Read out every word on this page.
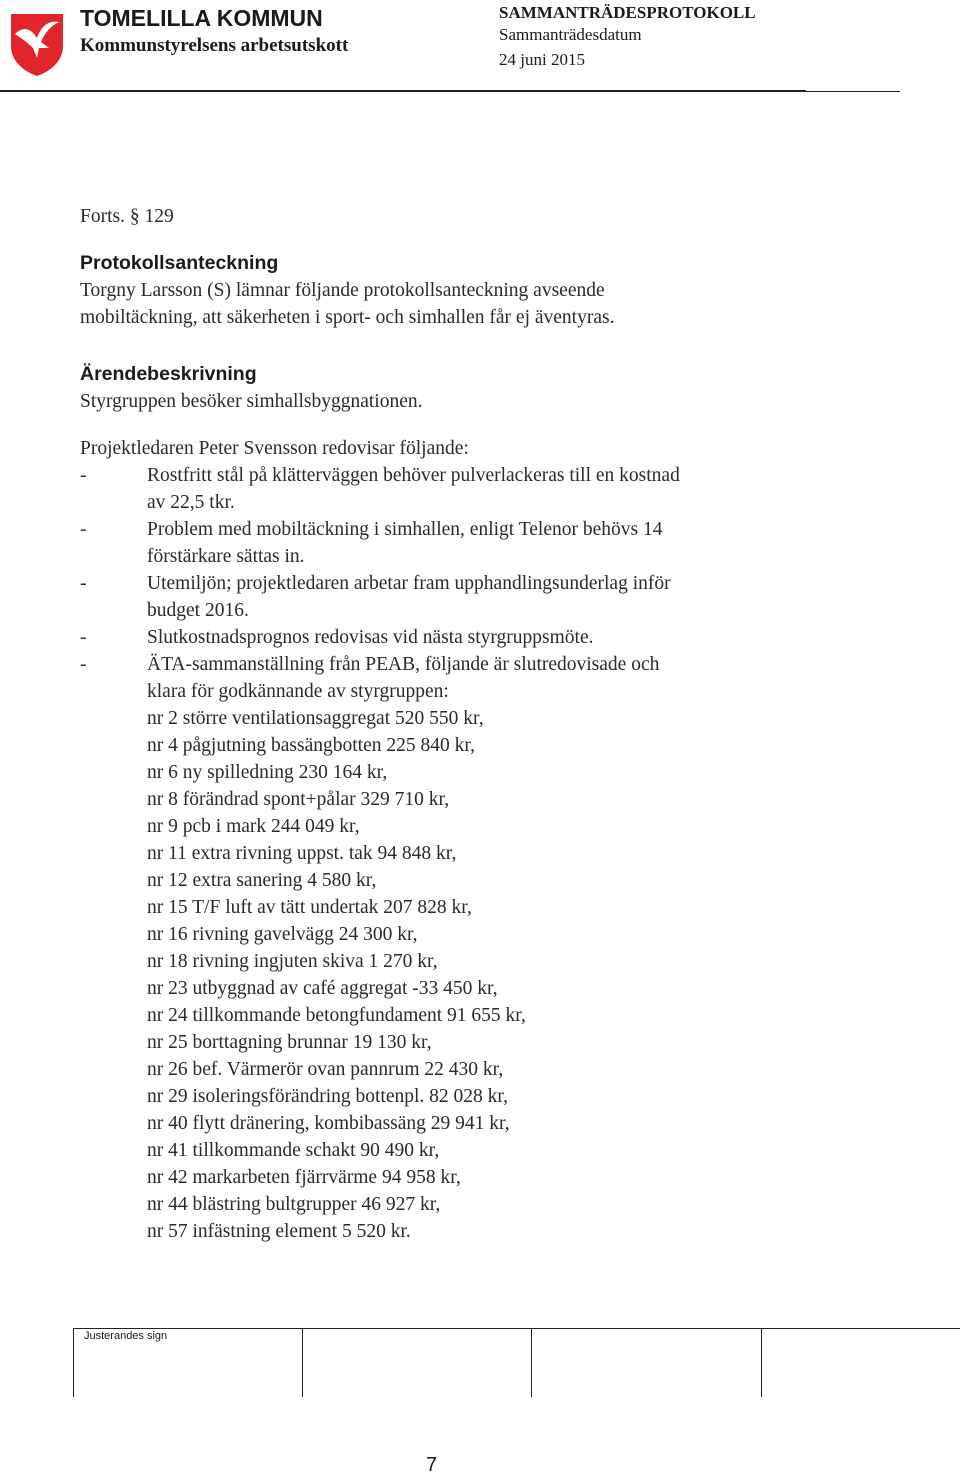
TOMELILLA KOMMUN
Kommunstyrelsens arbetsutskott
SAMMANTRÄDESPROTOKOLL
Sammanträdesdatum
24 juni 2015

Forts. § 129

Protokollsanteckning

Torgny Larsson (S) lämnar följande protokollsanteckning avseende

mobiltäckning, att säkerheten i sport- och simhallen får ej äventyras.

Ärendebeskrivning

Styrgruppen besöker simhallsbyggnationen.

Projektledaren Peter Svensson redovisar följande:

-	Rostfritt stål på klätterväggen behöver pulverlackeras till en kostnad
av 22,5 tkr.
-	Problem med mobiltäckning i simhallen, enligt Telenor behövs 14
förstärkare sättas in.
-	Utemiljön; projektledaren arbetar fram upphandlingsunderlag inför
budget 2016.
-	Slutkostnadsprognos redovisas vid nästa styrgruppsmöte.
-	ÄTA-sammanställning från PEAB, följande är slutredovisade och
klara för godkännande av styrgruppen:
nr 2 större ventilationsaggregat 520 550 kr,
nr 4 pågjutning bassängbotten 225 840 kr,
nr 6 ny spilledning 230 164 kr,
nr 8 förändrad spont+pålar 329 710 kr,
nr 9 pcb i mark 244 049 kr,
nr 11 extra rivning uppst. tak 94 848 kr,
nr 12 extra sanering 4 580 kr,
nr 15 T/F luft av tätt undertak 207 828 kr,
nr 16 rivning gavelvägg 24 300 kr,
nr 18 rivning ingjuten skiva 1 270 kr,
nr 23 utbyggnad av café aggregat -33 450 kr,
nr 24 tillkommande betongfundament 91 655 kr,
nr 25 borttagning brunnar 19 130 kr,
nr 26 bef. Värmerör ovan pannrum 22 430 kr,
nr 29 isoleringsförändring bottenpl. 82 028 kr,
nr 40 flytt dränering, kombibassäng 29 941 kr,
nr 41 tillkommande schakt 90 490 kr,
nr 42 markarbeten fjärrvärme 94 958 kr,
nr 44 blästring bultgrupper 46 927 kr,
nr 57 infästning element 5 520 kr.
Justerandes sign
7
